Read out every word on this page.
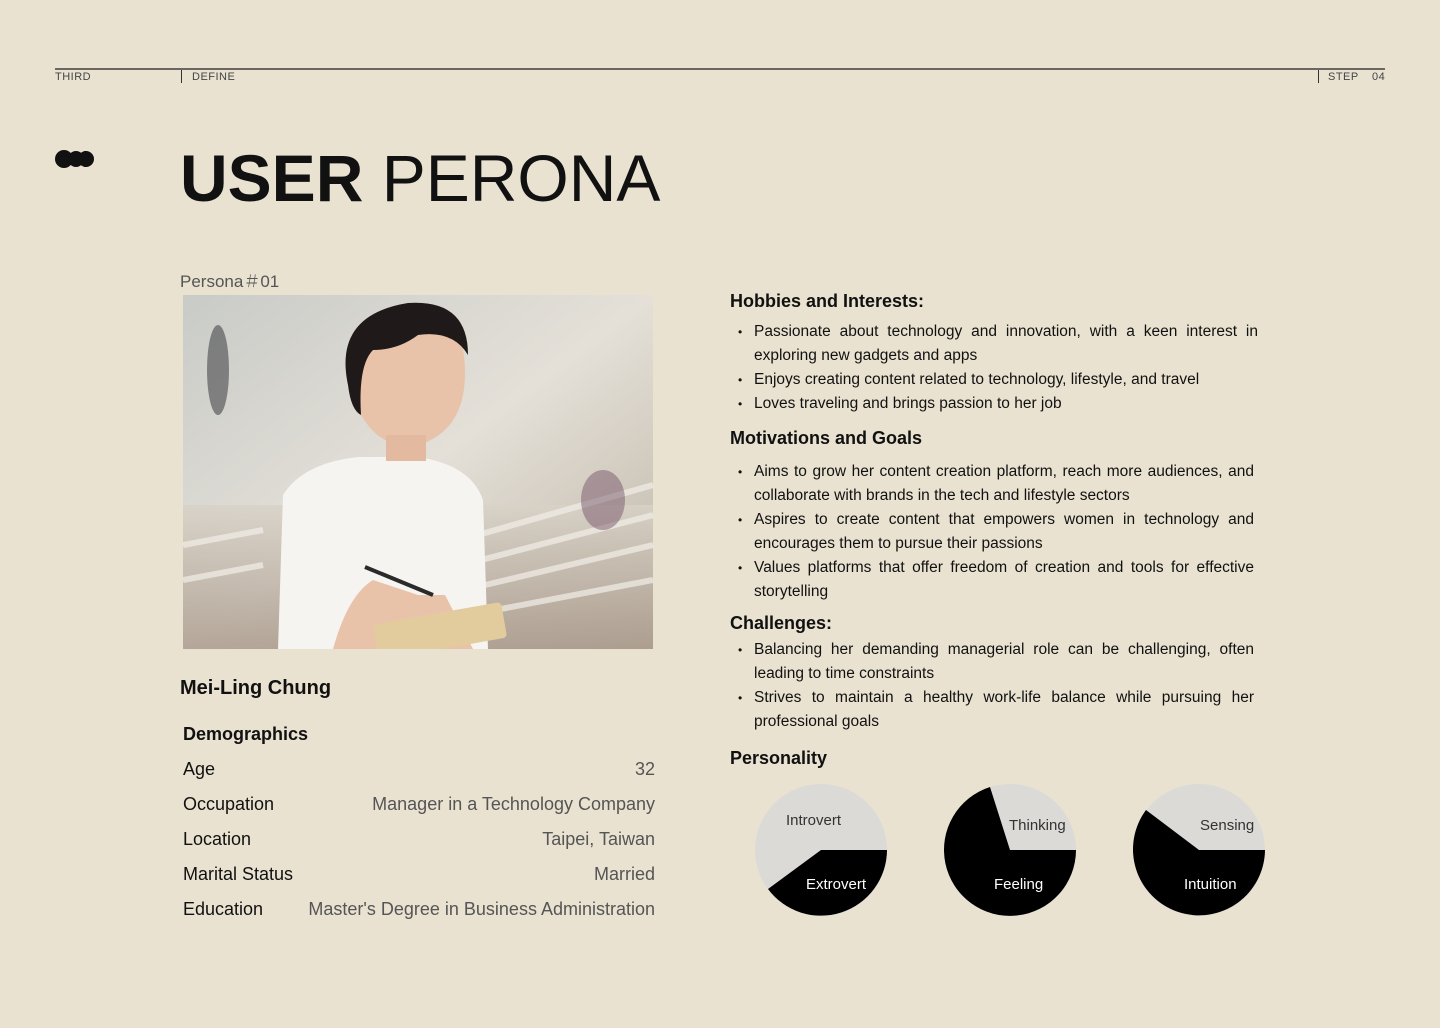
THIRD	DEFINE	STEP 04
USER PERONA
Persona＃01
Mei-Ling Chung
Demographics
Age	32
Occupation	Manager in a Technology Company
Location	Taipei, Taiwan
Marital Status	Married
Education	Master's Degree in Business Administration
Hobbies and Interests:
• Passionate about technology and innovation, with a keen interest in exploring new gadgets and apps
• Enjoys creating content related to technology, lifestyle, and travel
• Loves traveling and brings passion to her job
Motivations and Goals
• Aims to grow her content creation platform, reach more audiences, and collaborate with brands in the tech and lifestyle sectors
• Aspires to create content that empowers women in technology and encourages them to pursue their passions
• Values platforms that offer freedom of creation and tools for effective storytelling
Challenges:
• Balancing her demanding managerial role can be challenging, often leading to time constraints
• Strives to maintain a healthy work-life balance while pursuing her professional goals
Personality
Introvert
Extrovert
Thinking
Feeling
Sensing
Intuition
